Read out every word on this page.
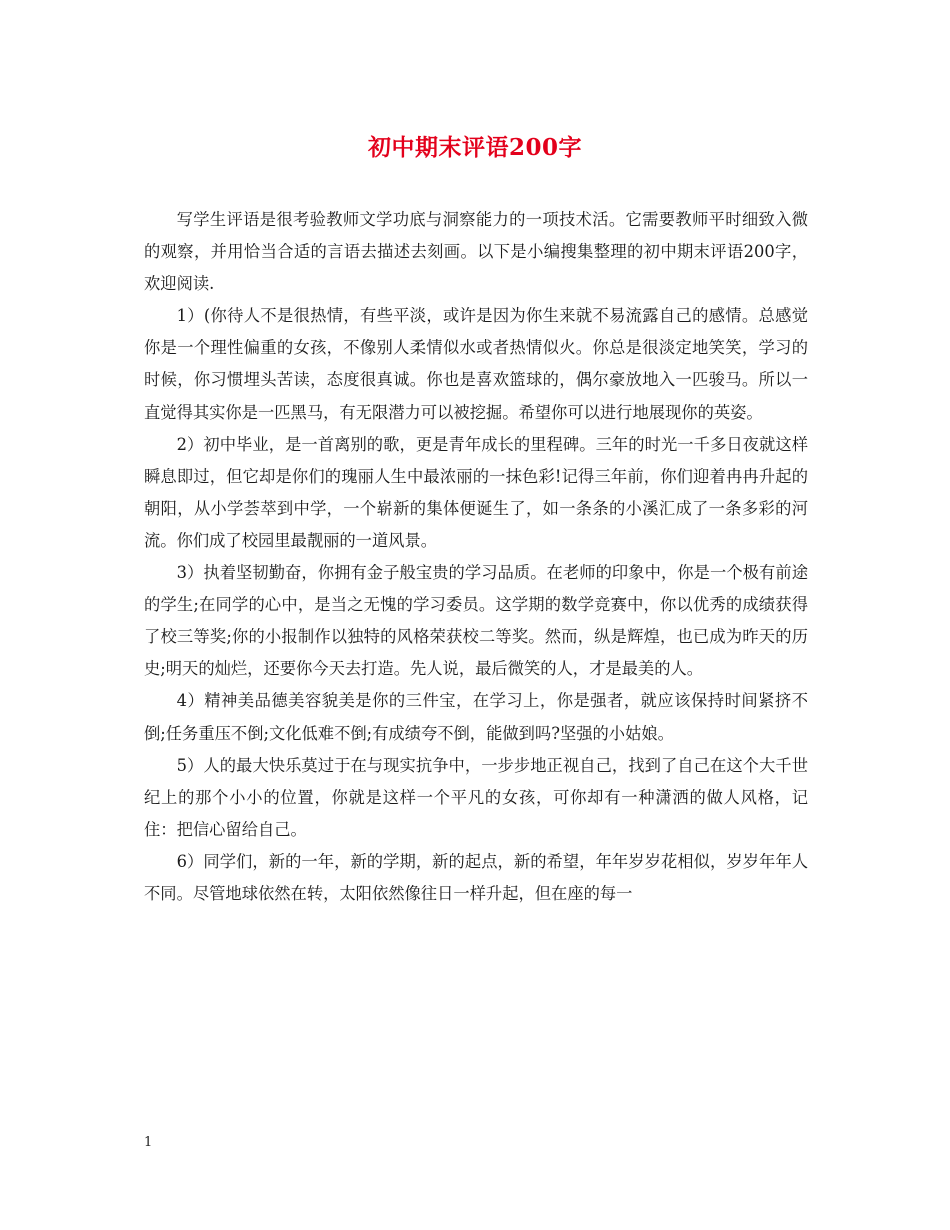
初中期末评语200字

写学生评语是很考验教师文学功底与洞察能力的一项技术活。它需要教师平时细致入微的观察，并用恰当合适的言语去描述去刻画。以下是小编搜集整理的初中期末评语200字，欢迎阅读.

1）(你待人不是很热情，有些平淡，或许是因为你生来就不易流露自己的感情。总感觉你是一个理性偏重的女孩，不像别人柔情似水或者热情似火。你总是很淡定地笑笑，学习的时候，你习惯埋头苦读，态度很真诚。你也是喜欢篮球的，偶尔豪放地入一匹骏马。所以一直觉得其实你是一匹黑马，有无限潜力可以被挖掘。希望你可以进行地展现你的英姿。

2）初中毕业，是一首离别的歌，更是青年成长的里程碑。三年的时光一千多日夜就这样瞬息即过，但它却是你们的瑰丽人生中最浓丽的一抹色彩!记得三年前，你们迎着冉冉升起的朝阳，从小学荟萃到中学，一个崭新的集体便诞生了，如一条条的小溪汇成了一条多彩的河流。你们成了校园里最靓丽的一道风景。

3）执着坚韧勤奋，你拥有金子般宝贵的学习品质。在老师的印象中，你是一个极有前途的学生;在同学的心中，是当之无愧的学习委员。这学期的数学竞赛中，你以优秀的成绩获得了校三等奖;你的小报制作以独特的风格荣获校二等奖。然而，纵是辉煌，也已成为昨天的历史;明天的灿烂，还要你今天去打造。先人说，最后微笑的人，才是最美的人。

4）精神美品德美容貌美是你的三件宝，在学习上，你是强者，就应该保持时间紧挤不倒;任务重压不倒;文化低难不倒;有成绩夸不倒，能做到吗?坚强的小姑娘。

5）人的最大快乐莫过于在与现实抗争中，一步步地正视自己，找到了自己在这个大千世纪上的那个小小的位置，你就是这样一个平凡的女孩，可你却有一种潇洒的做人风格，记住：把信心留给自己。

6）同学们，新的一年，新的学期，新的起点，新的希望，年年岁岁花相似，岁岁年年人不同。尽管地球依然在转，太阳依然像往日一样升起，但在座的每一

1
